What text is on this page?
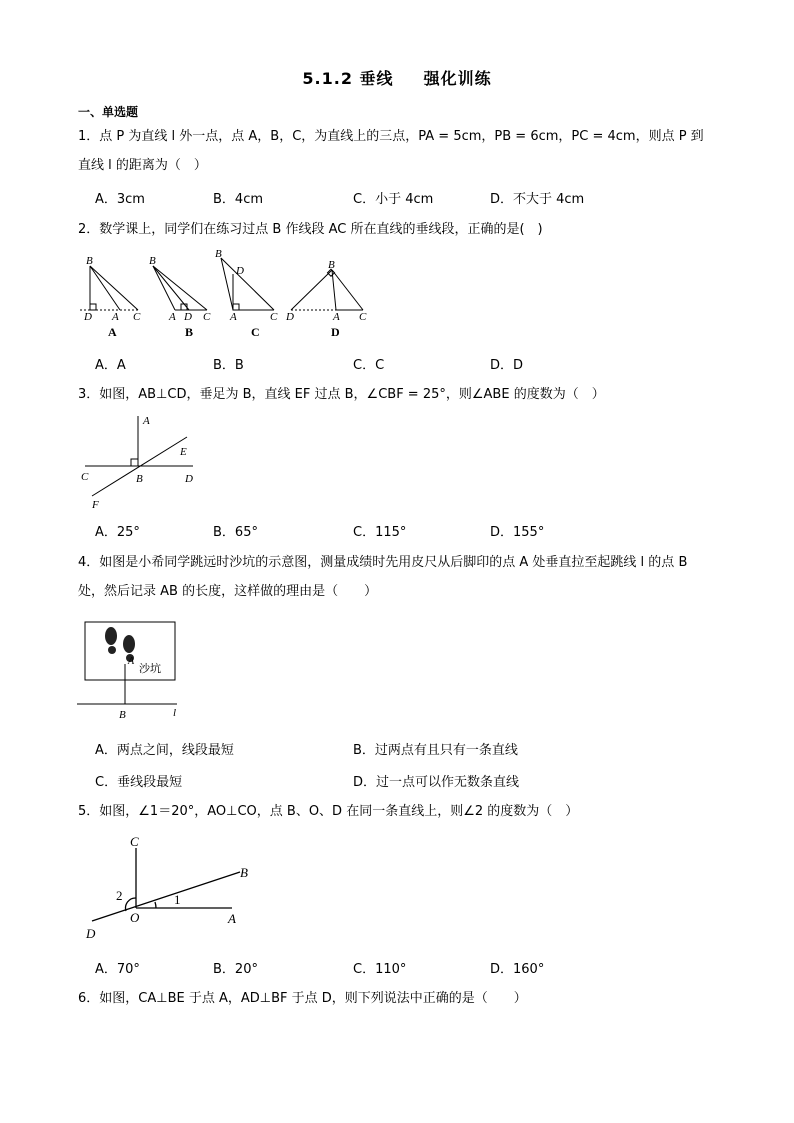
5.1.2 垂线 强化训练
一、单选题
1．点 P 为直线 l 外一点，点 A，B，C，为直线上的三点，PA = 5cm，PB = 6cm，PC = 4cm，则点 P 到
直线 l 的距离为（　）
A．3cm	B．4cm	C．小于 4cm	D．不大于 4cm
2．数学课上，同学们在练习过点 B 作线段 AC 所在直线的垂线段，正确的是(　)
B
D A C
B
A D C
B
D
A	C
B
D	A C
A	B	C	D
A．A	B．B	C．C	D．D
3．如图，AB⊥CD，垂足为 B，直线 EF 过点 B，∠CBF = 25°，则∠ABE 的度数为（　）
A
E
C	B	D
F
A．25°	B．65°	C．115°	D．155°
4．如图是小希同学跳远时沙坑的示意图，测量成绩时先用皮尺从后脚印的点 A 处垂直拉至起跳线 l 的点 B
处，然后记录 AB 的长度，这样做的理由是（　　）
A
沙坑
B	l
A．两点之间，线段最短	B．过两点有且只有一条直线
C．垂线段最短	D．过一点可以作无数条直线
5．如图，∠1＝20°，AO⊥CO，点 B、O、D 在同一条直线上，则∠2 的度数为（　）
C
B
2	1
O	A
D
A．70°	B．20°	C．110°	D．160°
6．如图，CA⊥BE 于点 A，AD⊥BF 于点 D，则下列说法中正确的是（　　）
